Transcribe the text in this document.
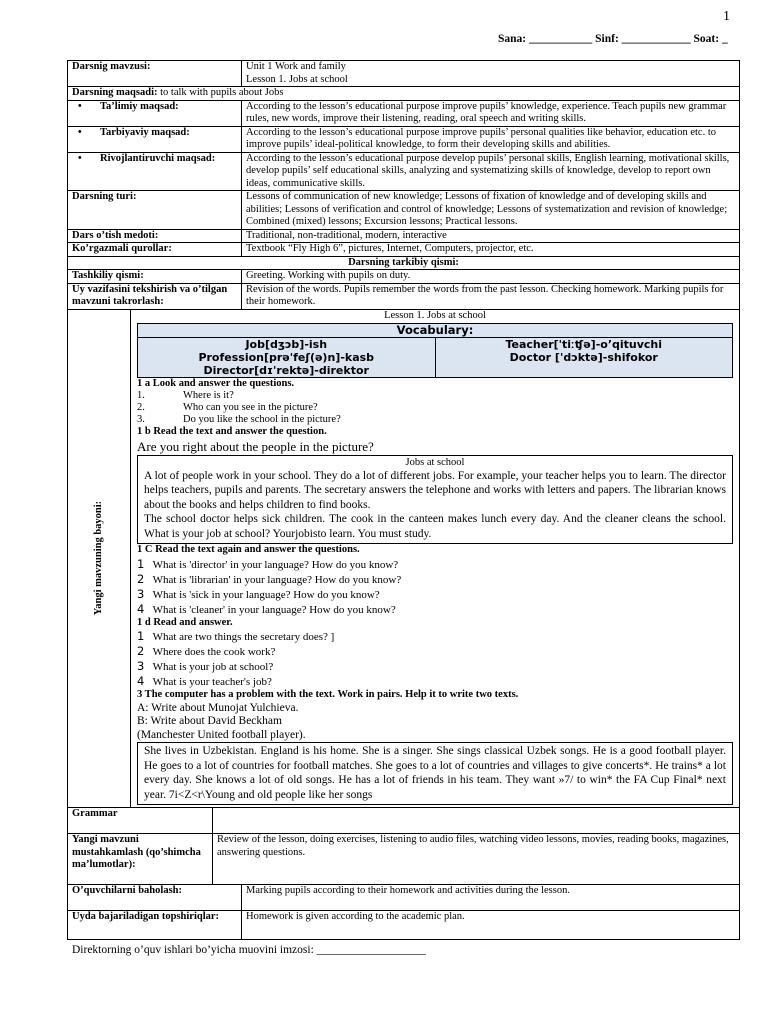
1
Sana: ___________ Sinf: ____________ Soat: _
Darsnig mavzusi:	Unit 1 Work and family
Lesson 1. Jobs at school

Darsning maqsadi: to talk with pupils about Jobs
• Ta’limiy maqsad:	According to the lesson’s educational purpose improve pupils’ knowledge, experience. Teach pupils new grammar rules, new words, improve their listening, reading, oral speech and writing skills.
• Tarbiyaviy maqsad:	According to the lesson’s educational purpose improve pupils’ personal qualities like behavior, education etc. to improve pupils’ ideal-political knowledge, to form their developing skills and abilities.
• Rivojlantiruvchi maqsad:	According to the lesson’s educational purpose develop pupils’ personal skills, English learning, motivational skills, develop pupils’ self educational skills, analyzing and systematizing skills of knowledge, develop to report own ideas, communicative skills.
Darsning turi:	Lessons of communication of new knowledge; Lessons of fixation of knowledge and of developing skills and abilities; Lessons of verification and control of knowledge; Lessons of systematization and revision of knowledge; Combined (mixed) lessons; Excursion lessons; Practical lessons.
Dars o’tish medoti:	Traditional, non-traditional, modern, interactive
Ko’rgazmali qurollar:	Textbook “Fly High 6”, pictures, Internet, Computers, projector, etc.
Darsning tarkibiy qismi:
Tashkiliy qismi:	Greeting. Working with pupils on duty.
Uy vazifasini tekshirish va o’tilgan mavzuni takrorlash:	Revision of the words. Pupils remember the words from the past lesson. Checking homework. Marking pupils for their homework.

Yangi mavzuning bayoni:

Lesson 1. Jobs at school
Vocabulary:

Job[dʒɔb]-ish
Profession[prə'feʃ(ə)n]-kasb
Director[dɪ'rektə]-direktor

Teacher['tiːʧə]-o’qituvchi
Doctor ['dɔktə]-shifokor
1 a Look and answer the questions.
1.	Where is it?
2.	Who can you see in the picture?
3.	Do you like the school in the picture?
1 b Read the text and answer the question.
Are you right about the people in the picture?
Jobs at school

A lot of people work in your school. They do a lot of different jobs. For example, your teacher helps you to learn. The director helps teachers, pupils and parents. The secretary answers the telephone and works with letters and papers. The librarian knows about the books and helps children to find books.

The school doctor helps sick children. The cook in the canteen makes lunch every day. And the cleaner cleans the school. What is your job at school? Yourjobisto learn. You must study.

1 C Read the text again and answer the questions.
1 What is 'director' in your language? How do you know?
2 What is 'librarian' in your language? How do you know?
3 What is 'sick in your language? How do you know?
4 What is 'cleaner' in your language? How do you know?
1 d Read and answer.
1 What are two things the secretary does? ]
2 Where does the cook work?
3 What is your job at school?
4 What is your teacher's job?
3 The computer has a problem with the text. Work in pairs. Help it to write two texts.

A: Write about Munojat Yulchieva.

B: Write about David Beckham

(Manchester United football player).

She lives in Uzbekistan. England is his home. She is a singer. She sings classical Uzbek songs. He is a good football player. He goes to a lot of countries for football matches. She goes to a lot of countries and villages to give concerts*. He trains* a lot every day. She knows a lot of old songs. He has a lot of friends in his team. They want »7/ to win* the FA Cup Final* next year. 7i<Z<r\Young and old people like her songs

Grammar	
Yangi mavzuni mustahkamlash (qo’shimcha ma’lumotlar):	Review of the lesson, doing exercises, listening to audio files, watching video lessons, movies, reading books, magazines, answering questions.
O’quvchilarni baholash:	Marking pupils according to their homework and activities during the lesson.
Uyda bajariladigan topshiriqlar:	Homework is given according to the academic plan.
Direktorning o’quv ishlari bo’yicha muovini imzosi: ___________________
